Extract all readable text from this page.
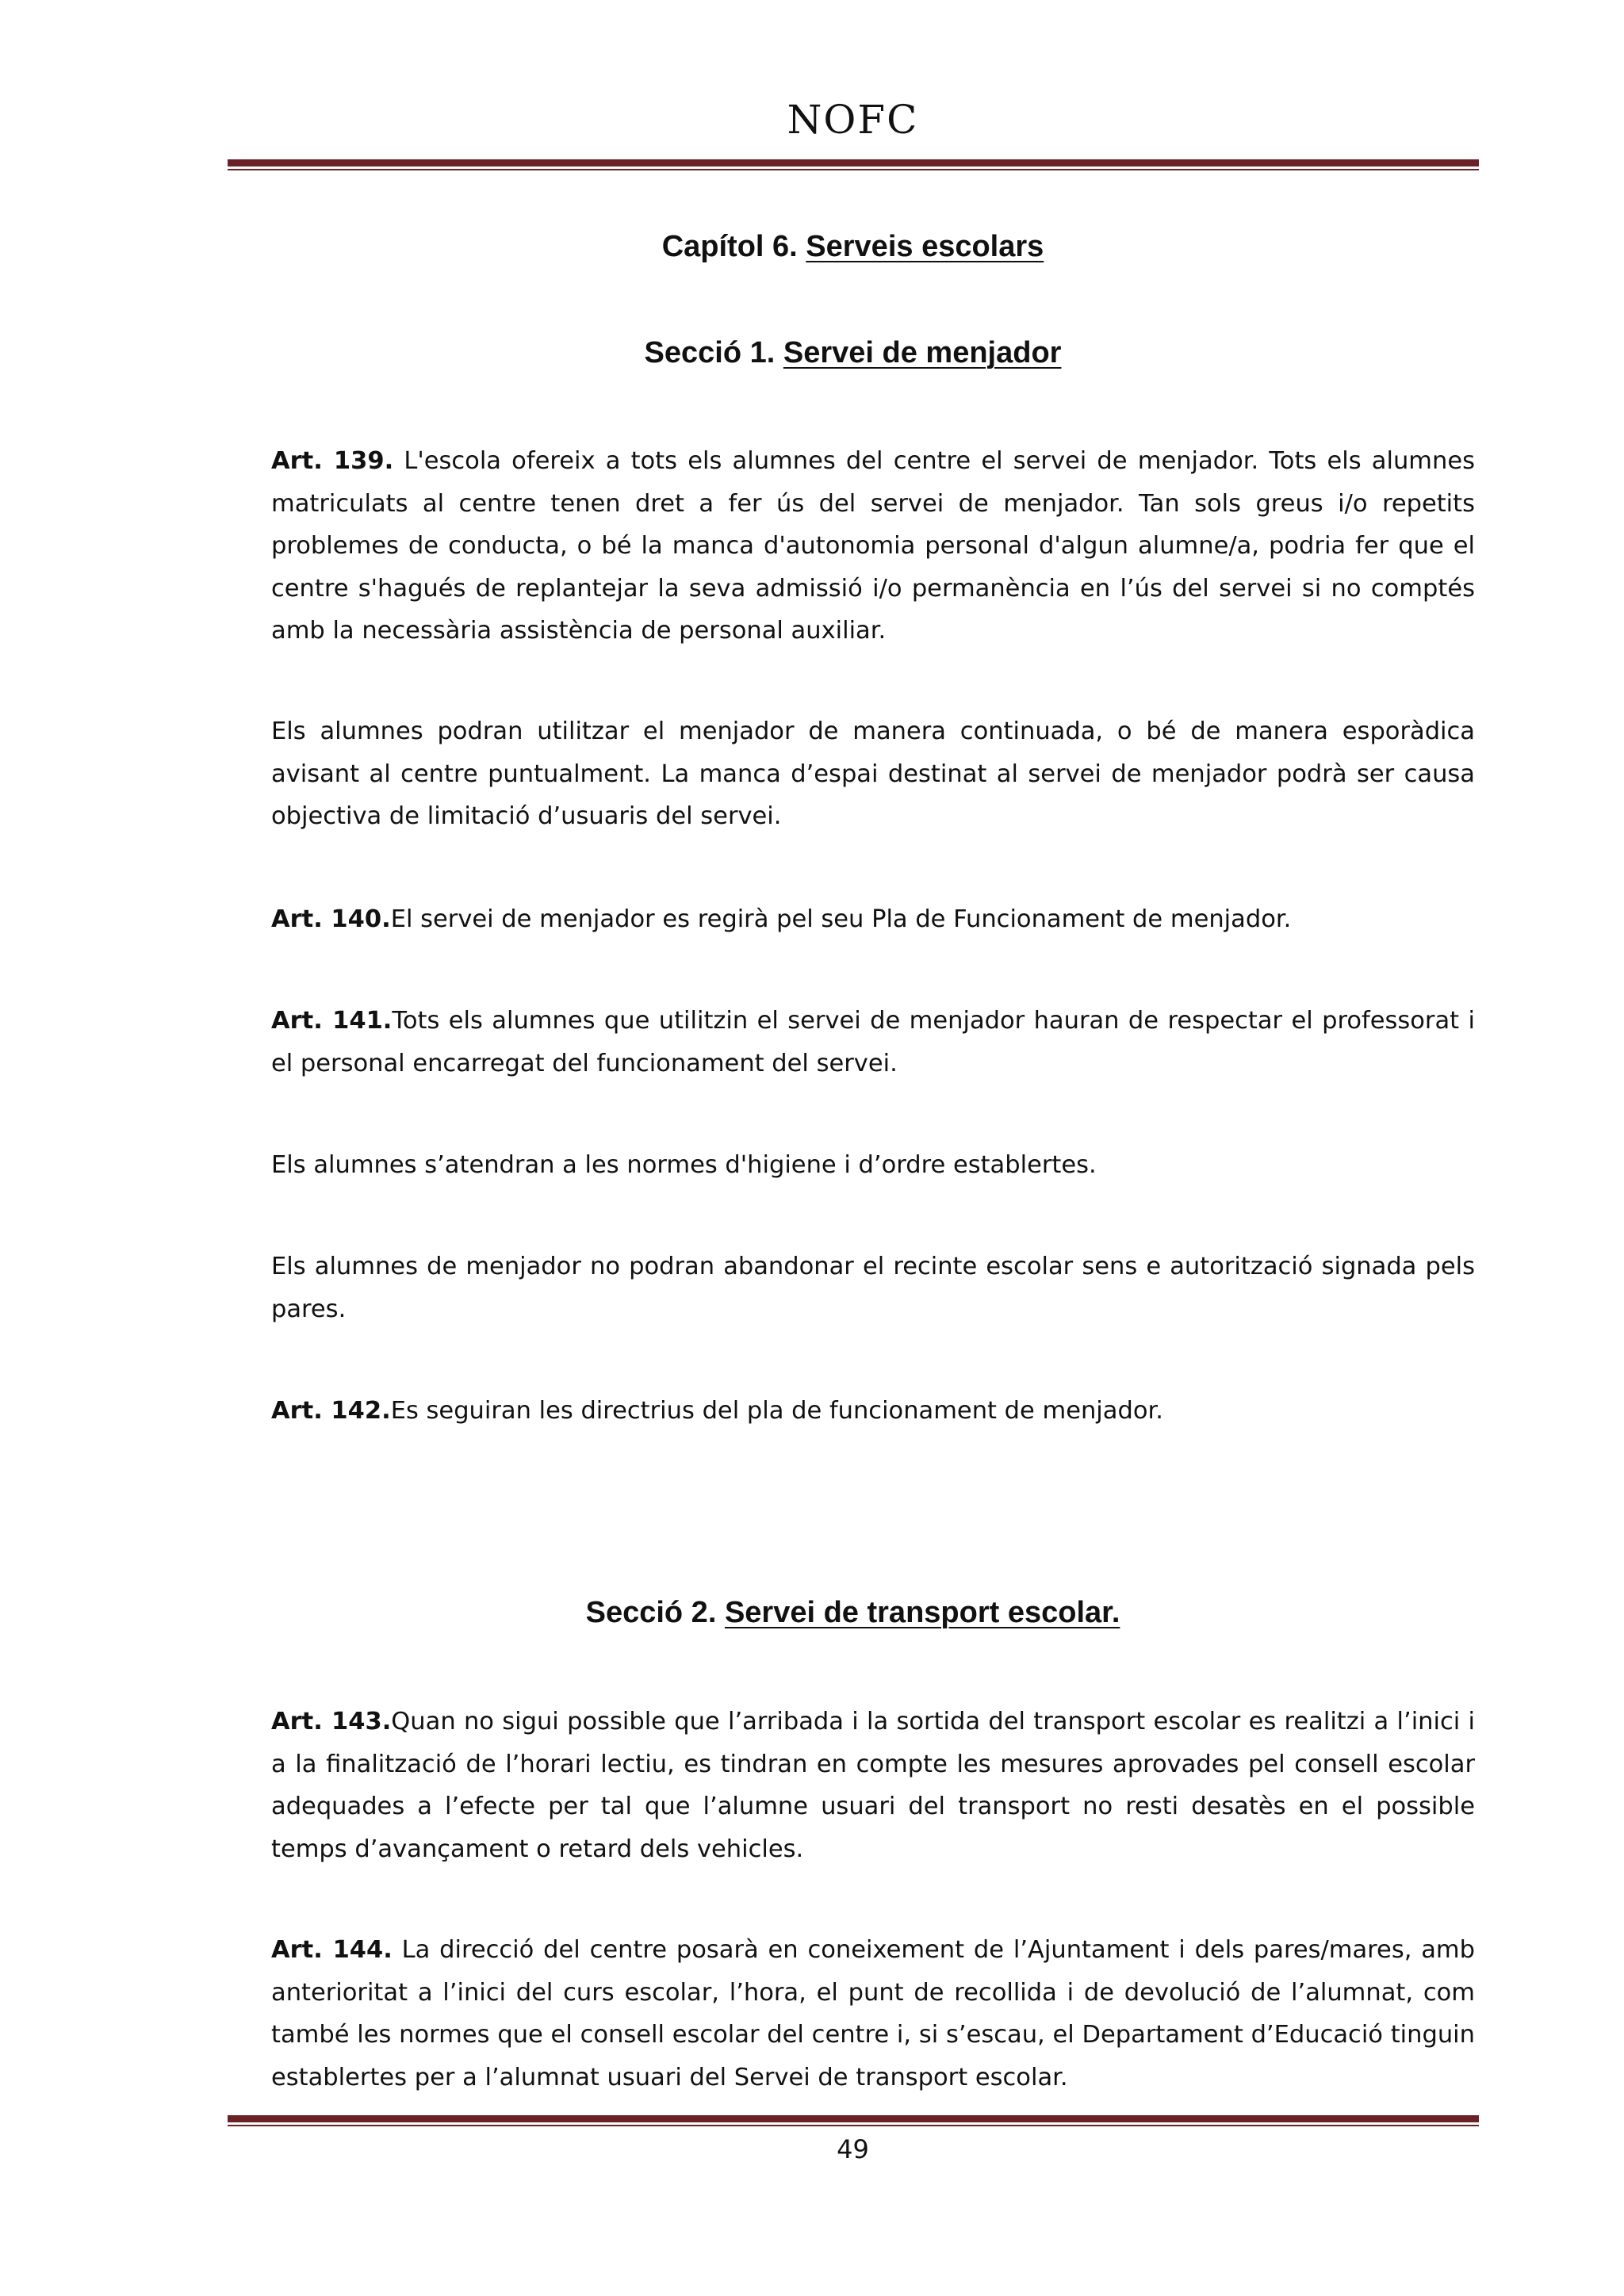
NOFC
Capítol 6. Serveis escolars
Secció 1. Servei de menjador
Art. 139. L'escola ofereix a tots els alumnes del centre el servei de menjador. Tots els alumnes matriculats al centre tenen dret a fer ús del servei de menjador. Tan sols greus i/o repetits problemes de conducta, o bé la manca d'autonomia personal d'algun alumne/a, podria fer que el centre s'hagués de replantejar la seva admissió i/o permanència en l’ús del servei si no comptés amb la necessària assistència de personal auxiliar.
Els alumnes podran utilitzar el menjador de manera continuada, o bé de manera esporàdica avisant al centre puntualment. La manca d’espai destinat al servei de menjador podrà ser causa objectiva de limitació d’usuaris del servei.
Art. 140.El servei de menjador es regirà pel seu Pla de Funcionament de menjador.
Art. 141.Tots els alumnes que utilitzin el servei de menjador hauran de respectar el professorat i el personal encarregat del funcionament del servei.
Els alumnes s’atendran a les normes d'higiene i d’ordre establertes.
Els alumnes de menjador no podran abandonar el recinte escolar sens e autorització signada pels pares.
Art. 142.Es seguiran les directrius del pla de funcionament de menjador.
Secció 2. Servei de transport escolar.
Art. 143.Quan no sigui possible que l’arribada i la sortida del transport escolar es realitzi a l’inici i a la finalització de l’horari lectiu, es tindran en compte les mesures aprovades pel consell escolar adequades a l’efecte per tal que l’alumne usuari del transport no resti desatès en el possible temps d’avançament o retard dels vehicles.
Art. 144. La direcció del centre posarà en coneixement de l’Ajuntament i dels pares/mares, amb anterioritat a l’inici del curs escolar, l’hora, el punt de recollida i de devolució de l’alumnat, com també les normes que el consell escolar del centre i, si s’escau, el Departament d’Educació tinguin establertes per a l’alumnat usuari del Servei de transport escolar.
49
